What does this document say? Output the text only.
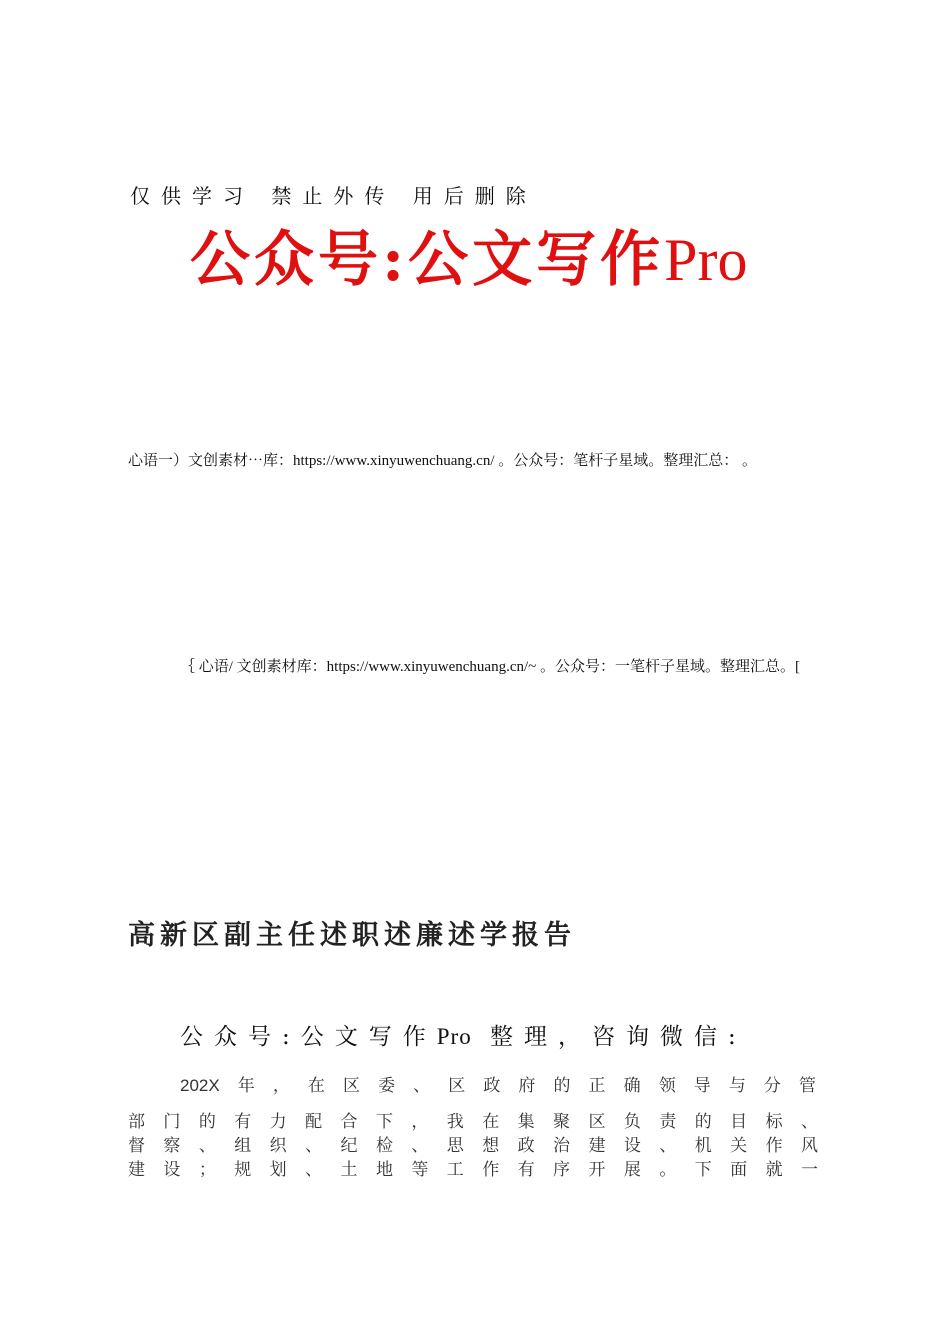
仅供学习 禁止外传 用后删除
公众号:公文写作Pro
心语一）文创素材⋯库：https://www.xinyuwenchuang.cn/ 。公众号：笔杆子星域。整理汇总： 。
｛ 心语/ 文创素材库：https://www.xinyuwenchuang.cn/~ 。公众号：一笔杆子星域。整理汇总。[
高新区副主任述职述廉述学报告
公众号:公文写作Pro 整理，咨询微信:
202X年，在区委、区政府的正确领导与分管
部门的有力配合下，我在集聚区负责的目标、
督察、组织、纪检、思想政治建设、机关作风
建设；规划、土地等工作有序开展。下面就一
